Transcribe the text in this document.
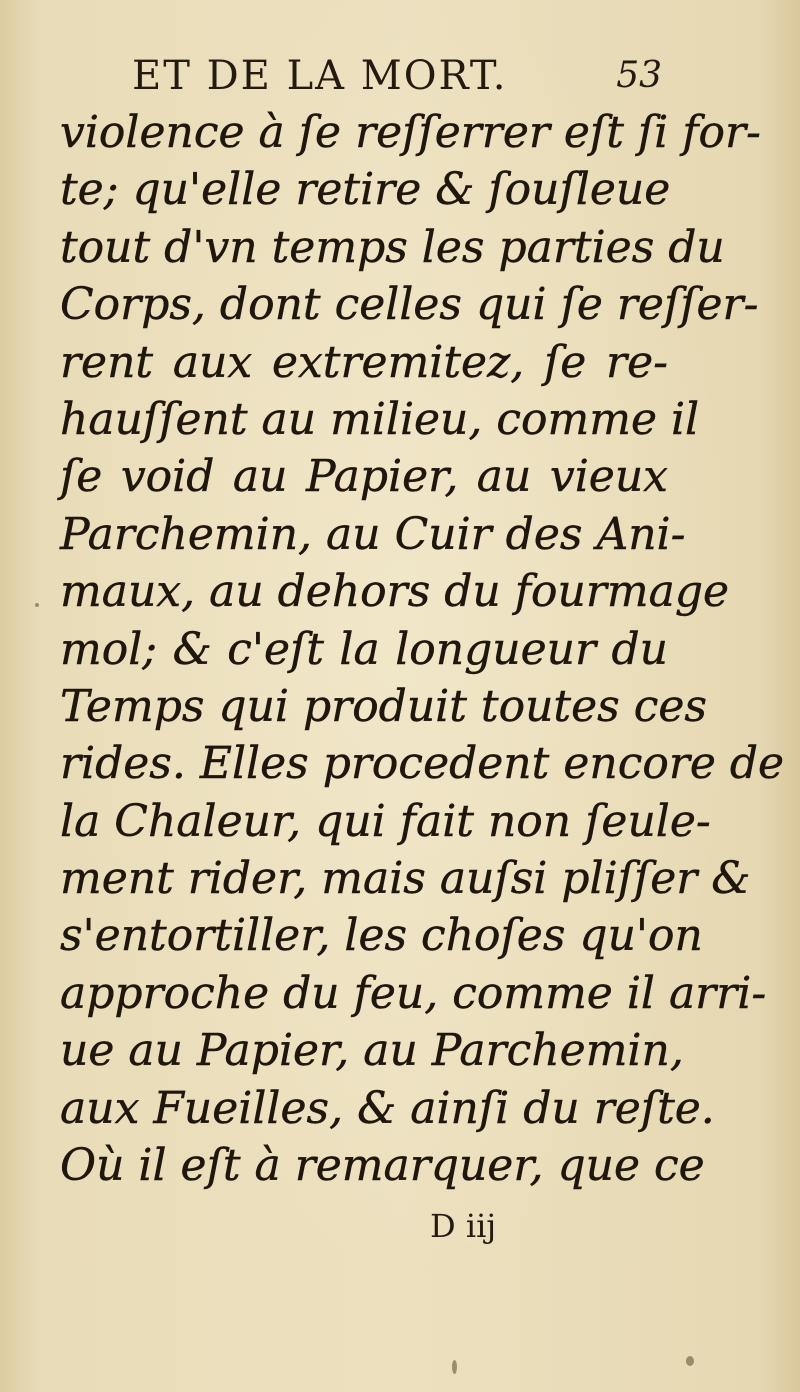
ET DE LA MORT.	53
violence à ſe reſſerrer eſt ſi for-
te; qu'elle retire & ſouſleue
tout d'vn temps les parties du
Corps, dont celles qui ſe reſſer-
rent aux extremitez, ſe re-
hauſſent au milieu, comme il
ſe void au Papier, au vieux
Parchemin, au Cuir des Ani-
maux, au dehors du fourmage
mol; & c'eſt la longueur du
Temps qui produit toutes ces
rides. Elles procedent encore de
la Chaleur, qui fait non ſeule-
ment rider, mais auſsi pliſſer &
s'entortiller, les choſes qu'on
approche du feu, comme il arri-
ue au Papier, au Parchemin,
aux Fueilles, & ainſi du reſte.
Où il eſt à remarquer, que ce
D iij
